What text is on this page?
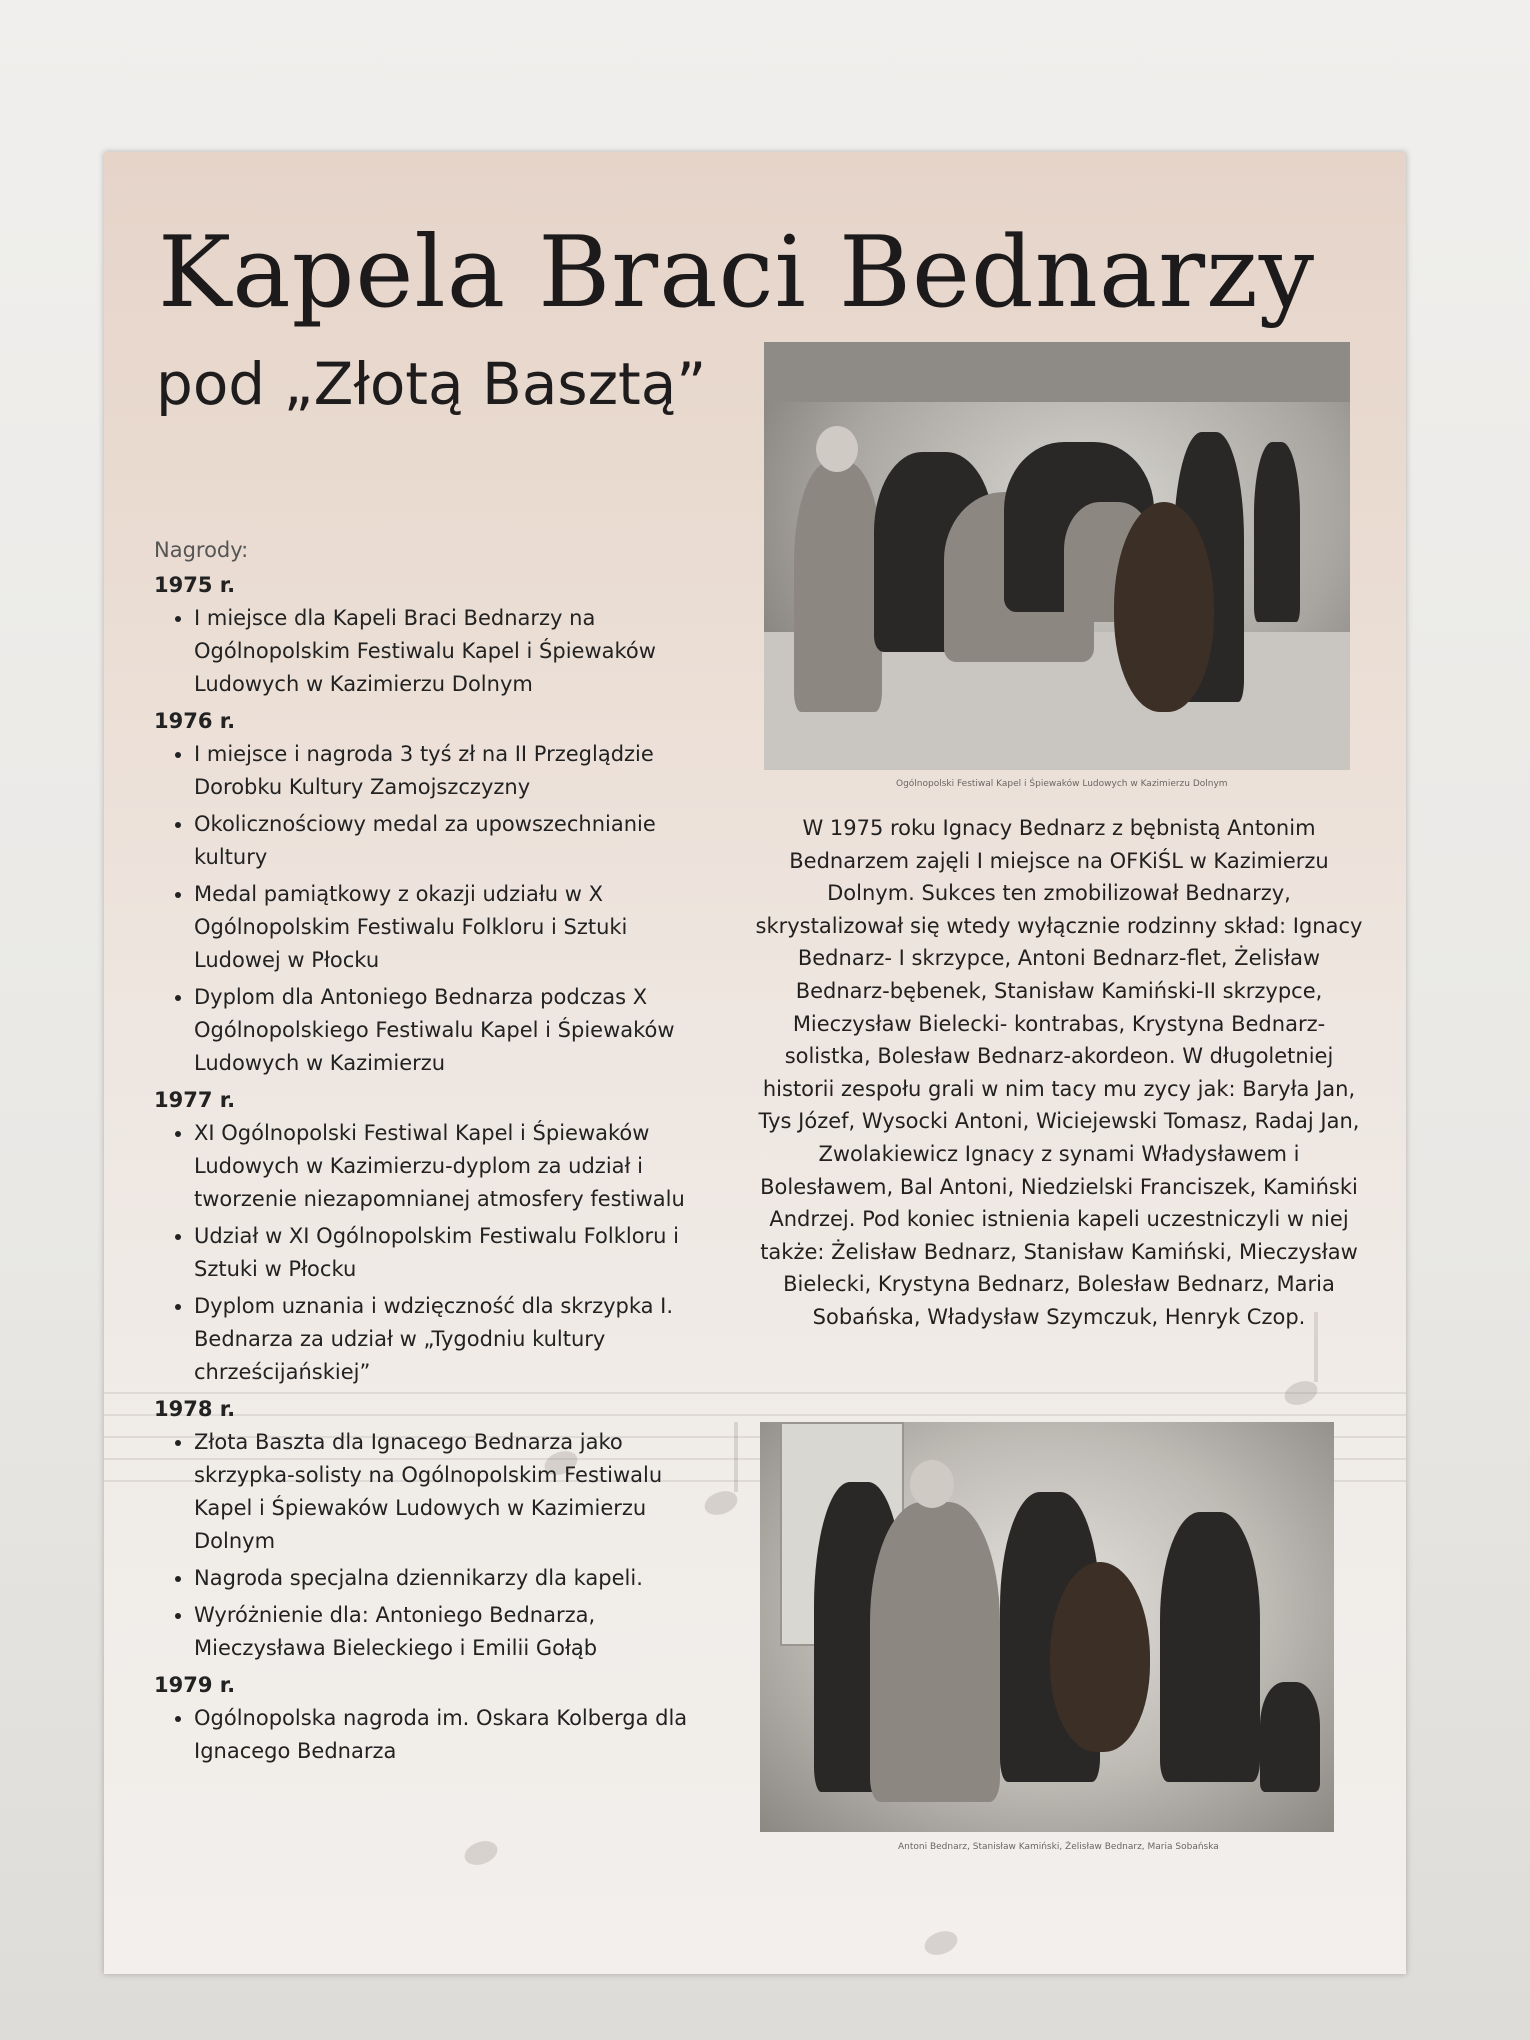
Kapela Braci Bednarzy
pod „Złotą Basztą”
Nagrody:
1975 r.
• I miejsce dla Kapeli Braci Bednarzy na Ogólnopolskim Festiwalu Kapel i Śpiewaków Ludowych w Kazimierzu Dolnym
1976 r.
• I miejsce i nagroda 3 tyś zł na II Przeglądzie Dorobku Kultury Zamojszczyzny
• Okolicznościowy medal za upowszechnianie kultury
• Medal pamiątkowy z okazji udziału w X Ogólnopolskim Festiwalu Folkloru i Sztuki Ludowej w Płocku
• Dyplom dla Antoniego Bednarza podczas X Ogólnopolskiego Festiwalu Kapel i Śpiewaków Ludowych w Kazimierzu
1977 r.
• XI Ogólnopolski Festiwal Kapel i Śpiewaków Ludowych w Kazimierzu-dyplom za udział i tworzenie niezapomnianej atmosfery festiwalu
• Udział w XI Ogólnopolskim Festiwalu Folkloru i Sztuki w Płocku
• Dyplom uznania i wdzięczność dla skrzypka I. Bednarza za udział w „Tygodniu kultury chrześcijańskiej”
1978 r.
• Złota Baszta dla Ignacego Bednarza jako skrzypka-solisty na Ogólnopolskim Festiwalu Kapel i Śpiewaków Ludowych w Kazimierzu Dolnym
• Nagroda specjalna dziennikarzy dla kapeli.
• Wyróżnienie dla: Antoniego Bednarza, Mieczysława Bieleckiego i Emilii Gołąb
1979 r.
• Ogólnopolska nagroda im. Oskara Kolberga dla Ignacego Bednarza
Ogólnopolski Festiwal Kapel i Śpiewaków Ludowych w Kazimierzu Dolnym

W 1975 roku Ignacy Bednarz z bębnistą Antonim Bednarzem zajęli I miejsce na OFKiŚL w Kazimierzu Dolnym. Sukces ten zmobilizował Bednarzy, skrystalizował się wtedy wyłącznie rodzinny skład: Ignacy Bednarz- I skrzypce, Antoni Bednarz-flet, Żelisław Bednarz-bębenek, Stanisław Kamiński-II skrzypce, Mieczysław Bielecki- kontrabas, Krystyna Bednarz-solistka, Bolesław Bednarz-akordeon. W długoletniej historii zespołu grali w nim tacy mu zycy jak: Baryła Jan, Tys Józef, Wysocki Antoni, Wiciejewski Tomasz, Radaj Jan, Zwolakiewicz Ignacy z synami Władysławem i Bolesławem, Bal Antoni, Niedzielski Franciszek, Kamiński Andrzej. Pod koniec istnienia kapeli uczestniczyli w niej także: Żelisław Bednarz, Stanisław Kamiński, Mieczysław Bielecki, Krystyna Bednarz, Bolesław Bednarz, Maria Sobańska, Władysław Szymczuk, Henryk Czop.

Antoni Bednarz, Stanisław Kamiński, Żelisław Bednarz, Maria Sobańska
